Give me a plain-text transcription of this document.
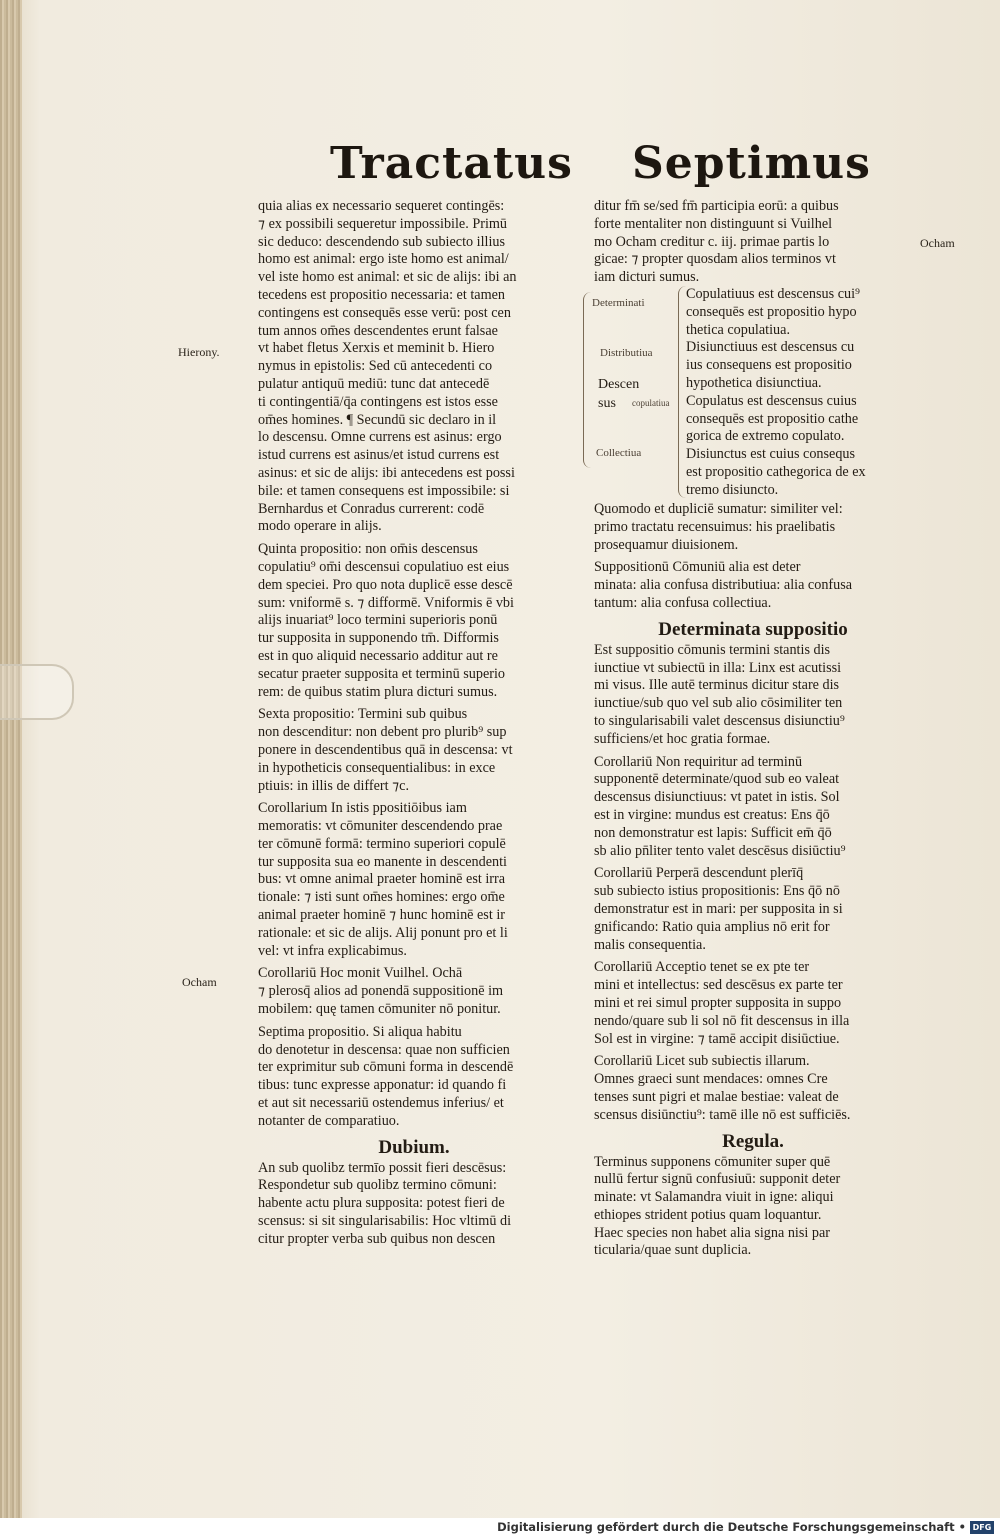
Tractatus Septimus
Hierony.
Ocham
Ocham

quia alias ex necessario sequeret contingēs:

⁊ ex possibili sequeretur impossibile. Primū

sic deduco: descendendo sub subiecto illius

homo est animal: ergo iste homo est animal/

vel iste homo est animal: et sic de alijs: ibi an

tecedens est propositio necessaria: et tamen

contingens est consequēs esse verū: post cen

tum annos om̄es descendentes erunt falsae

vt habet fletus Xerxis et meminit b. Hiero

nymus in epistolis: Sed cū antecedenti co

pulatur antiquū mediū: tunc dat antecedē

ti contingentiā/q̄a contingens est istos esse

om̄es homines. ¶ Secundū sic declaro in il

lo descensu. Omne currens est asinus: ergo

istud currens est asinus/et istud currens est

asinus: et sic de alijs: ibi antecedens est possi

bile: et tamen consequens est impossibile: si

Bernhardus et Conradus currerent: codē

modo operare in alijs.

Quinta propositio: non om̄is descensus

copulatiu⁹ om̄i descensui copulatiuo est eius

dem speciei. Pro quo nota duplicē esse descē

sum: vniformē s. ⁊ difformē. Vniformis ē vbi

alijs inuariat⁹ loco termini superioris ponū

tur supposita in supponendo tm̄. Difformis

est in quo aliquid necessario additur aut re

secatur praeter supposita et terminū superio

rem: de quibus statim plura dicturi sumus.

Sexta propositio: Termini sub quibus

non descenditur: non debent pro plurib⁹ sup

ponere in descendentibus quā in descensa: vt

in hypotheticis consequentialibus: in exce

ptiuis: in illis de differt ⁊c.

Corollarium In istis ppositiōibus iam

memoratis: vt cōmuniter descendendo prae

ter cōmunē formā: termino superiori copulē

tur supposita sua eo manente in descendenti

bus: vt omne animal praeter hominē est irra

tionale: ⁊ isti sunt om̄es homines: ergo om̄e

animal praeter hominē ⁊ hunc hominē est ir

rationale: et sic de alijs. Alij ponunt pro et li

vel: vt infra explicabimus.

Corollariū Hoc monit Vuilhel. Ochā

⁊ plerosq̄ alios ad ponendā suppositionē im

mobilem: quę tamen cōmuniter nō ponitur.

Septima propositio. Si aliqua habitu

do denotetur in descensa: quae non sufficien

ter exprimitur sub cōmuni forma in descendē

tibus: tunc expresse apponatur: id quando fi

et aut sit necessariū ostendemus inferius/ et

notanter de comparatiuo.

Dubium.

An sub quolibz termīo possit fieri descēsus:

Respondetur sub quolibz termino cōmuni:

habente actu plura supposita: potest fieri de

scensus: si sit singularisabilis: Hoc vltimū di

citur propter verba sub quibus non descen

ditur fm̄ se/sed fm̄ participia eorū: a quibus

forte mentaliter non distinguunt si Vuilhel

mo Ocham creditur c. iij. primae partis lo

gicae: ⁊ propter quosdam alios terminos vt

iam dicturi sumus.

Determinati
Distributiua
Descen
sus copulatiua
Collectiua

Copulatiuus est descensus cui⁹

consequēs est propositio hypo

thetica copulatiua.

Disiunctiuus est descensus cu

ius consequens est propositio

hypothetica disiunctiua.

Copulatus est descensus cuius

consequēs est propositio cathe

gorica de extremo copulato.

Disiunctus est cuius consequs

est propositio cathegorica de ex

tremo disiuncto.

Quomodo et dupliciē sumatur: similiter vel:

primo tractatu recensuimus: his praelibatis

prosequamur diuisionem.

Suppositionū Cōmuniū alia est deter

minata: alia confusa distributiua: alia confusa

tantum: alia confusa collectiua.

Determinata suppositio

Est suppositio cōmunis termini stantis dis

iunctiue vt subiectū in illa: Linx est acutissi

mi visus. Ille autē terminus dicitur stare dis

iunctiue/sub quo vel sub alio cōsimiliter ten

to singularisabili valet descensus disiunctiu⁹

sufficiens/et hoc gratia formae.

Corollariū Non requiritur ad terminū

supponentē determinate/quod sub eo valeat

descensus disiunctiuus: vt patet in istis. Sol

est in virgine: mundus est creatus: Ens q̄ō

non demonstratur est lapis: Sufficit em̄ q̄ō

sb alio pn̄liter tento valet descēsus disiūctiu⁹

Corollariū Perperā descendunt plerīq̄

sub subiecto istius propositionis: Ens q̄ō nō

demonstratur est in mari: per supposita in si

gnificando: Ratio quia amplius nō erit for

malis consequentia.

Corollariū Acceptio tenet se ex pte ter

mini et intellectus: sed descēsus ex parte ter

mini et rei simul propter supposita in suppo

nendo/quare sub li sol nō fit descensus in illa

Sol est in virgine: ⁊ tamē accipit disiūctiue.

Corollariū Licet sub subiectis illarum.

Omnes graeci sunt mendaces: omnes Cre

tenses sunt pigri et malae bestiae: valeat de

scensus disiūnctiu⁹: tamē ille nō est sufficiēs.

Regula.

Terminus supponens cōmuniter super quē

nullū fertur signū confusiuū: supponit deter

minate: vt Salamandra viuit in igne: aliqui

ethiopes strident potius quam loquantur.

Haec species non habet alia signa nisi par

ticularia/quae sunt duplicia.

Digitalisierung gefördert durch die Deutsche Forschungsgemeinschaft • DFG
